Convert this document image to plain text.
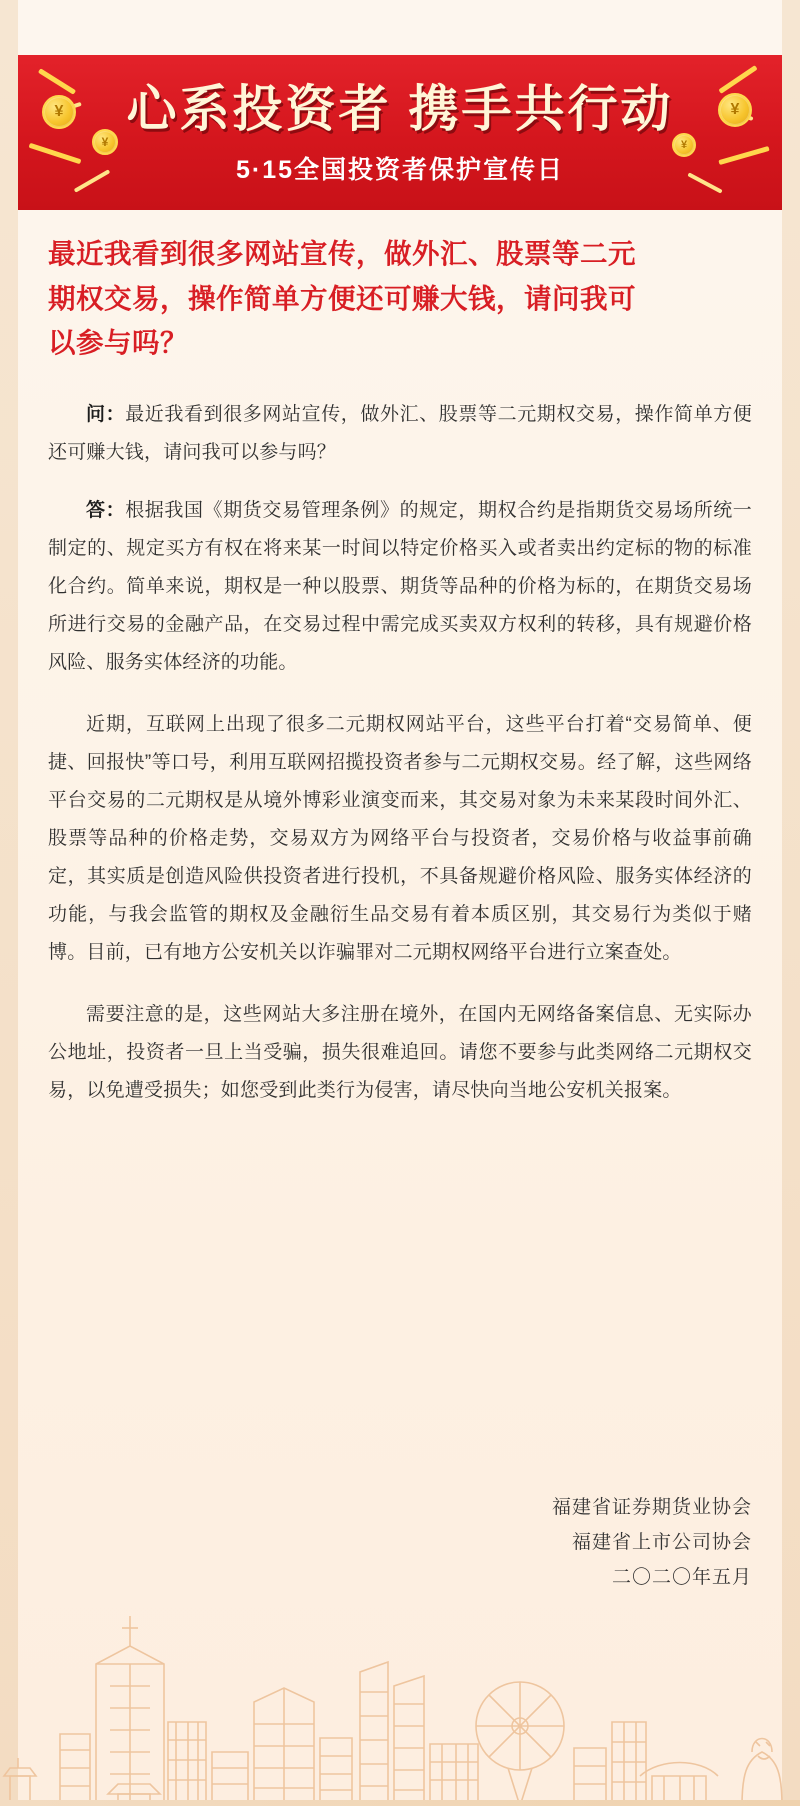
¥
¥
¥
¥
心系投资者 携手共行动
5·15全国投资者保护宣传日
最近我看到很多网站宣传，做外汇、股票等二元期权交易，操作简单方便还可赚大钱，请问我可以参与吗？

问：最近我看到很多网站宣传，做外汇、股票等二元期权交易，操作简单方便还可赚大钱，请问我可以参与吗？

答：根据我国《期货交易管理条例》的规定，期权合约是指期货交易场所统一制定的、规定买方有权在将来某一时间以特定价格买入或者卖出约定标的物的标准化合约。简单来说，期权是一种以股票、期货等品种的价格为标的，在期货交易场所进行交易的金融产品，在交易过程中需完成买卖双方权利的转移，具有规避价格风险、服务实体经济的功能。

近期，互联网上出现了很多二元期权网站平台，这些平台打着“交易简单、便捷、回报快”等口号，利用互联网招揽投资者参与二元期权交易。经了解，这些网络平台交易的二元期权是从境外博彩业演变而来，其交易对象为未来某段时间外汇、股票等品种的价格走势，交易双方为网络平台与投资者，交易价格与收益事前确定，其实质是创造风险供投资者进行投机，不具备规避价格风险、服务实体经济的功能，与我会监管的期权及金融衍生品交易有着本质区别，其交易行为类似于赌博。目前，已有地方公安机关以诈骗罪对二元期权网络平台进行立案查处。

需要注意的是，这些网站大多注册在境外，在国内无网络备案信息、无实际办公地址，投资者一旦上当受骗，损失很难追回。请您不要参与此类网络二元期权交易，以免遭受损失；如您受到此类行为侵害，请尽快向当地公安机关报案。

福建省证券期货业协会
福建省上市公司协会
二〇二〇年五月
